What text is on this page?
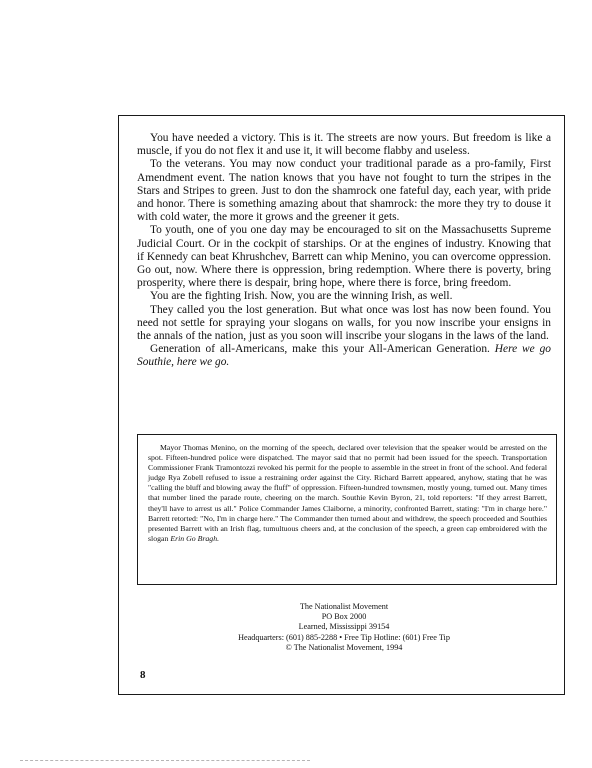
You have needed a victory. This is it. The streets are now yours. But freedom is like a muscle, if you do not flex it and use it, it will become flabby and useless.

To the veterans. You may now conduct your traditional parade as a pro-family, First Amendment event. The nation knows that you have not fought to turn the stripes in the Stars and Stripes to green. Just to don the shamrock one fateful day, each year, with pride and honor. There is something amazing about that shamrock: the more they try to douse it with cold water, the more it grows and the greener it gets.

To youth, one of you one day may be encouraged to sit on the Massachusetts Supreme Judicial Court. Or in the cockpit of starships. Or at the engines of industry. Knowing that if Kennedy can beat Khrushchev, Barrett can whip Menino, you can overcome oppression. Go out, now. Where there is oppression, bring redemption. Where there is poverty, bring prosperity, where there is despair, bring hope, where there is force, bring freedom.

You are the fighting Irish. Now, you are the winning Irish, as well.

They called you the lost generation. But what once was lost has now been found. You need not settle for spraying your slogans on walls, for you now inscribe your ensigns in the annals of the nation, just as you soon will inscribe your slogans in the laws of the land.

Generation of all-Americans, make this your All-American Generation. Here we go Southie, here we go.

Mayor Thomas Menino, on the morning of the speech, declared over television that the speaker would be arrested on the spot. Fifteen-hundred police were dispatched. The mayor said that no permit had been issued for the speech. Transportation Commissioner Frank Tramontozzi revoked his permit for the people to assemble in the street in front of the school. And federal judge Rya Zobell refused to issue a restraining order against the City. Richard Barrett appeared, anyhow, stating that he was "calling the bluff and blowing away the fluff" of oppression. Fifteen-hundred townsmen, mostly young, turned out. Many times that number lined the parade route, cheering on the march. Southie Kevin Byron, 21, told reporters: "If they arrest Barrett, they'll have to arrest us all." Police Commander James Claiborne, a minority, confronted Barrett, stating: "I'm in charge here." Barrett retorted: "No, I'm in charge here." The Commander then turned about and withdrew, the speech proceeded and Southies presented Barrett with an Irish flag, tumultuous cheers and, at the conclusion of the speech, a green cap embroidered with the slogan Erin Go Bragh.

The Nationalist Movement
PO Box 2000
Learned, Mississippi 39154
Headquarters: (601) 885-2288 • Free Tip Hotline: (601) Free Tip
© The Nationalist Movement, 1994
8
